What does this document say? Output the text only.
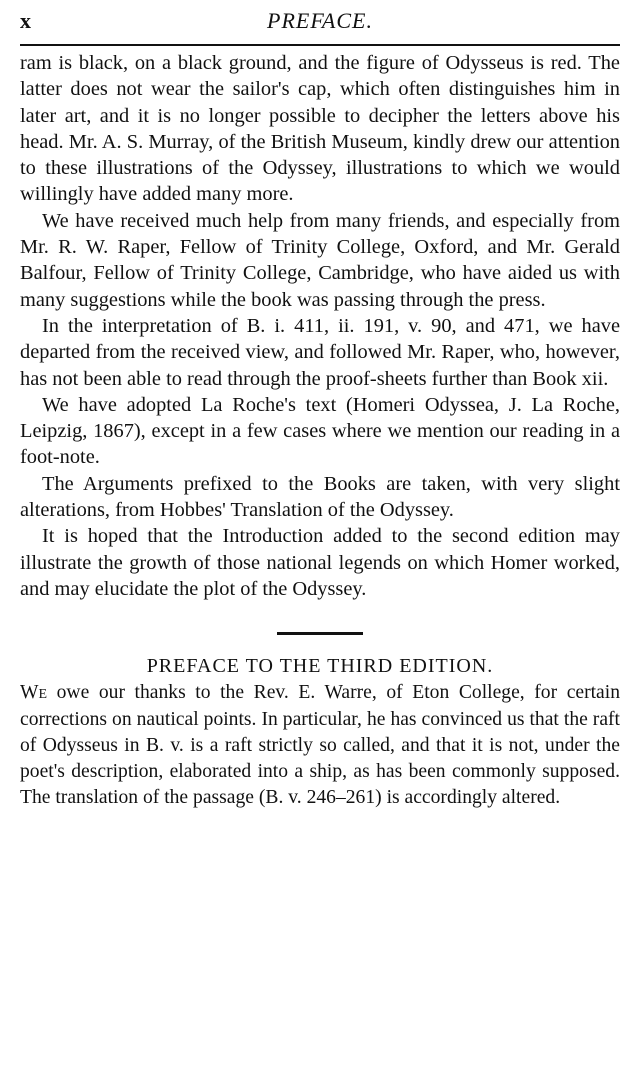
x	PREFACE.

ram is black, on a black ground, and the figure of Odysseus is red. The latter does not wear the sailor's cap, which often distinguishes him in later art, and it is no longer possible to decipher the letters above his head. Mr. A. S. Murray, of the British Museum, kindly drew our attention to these illustrations of the Odyssey, illustrations to which we would willingly have added many more.

We have received much help from many friends, and especially from Mr. R. W. Raper, Fellow of Trinity College, Oxford, and Mr. Gerald Balfour, Fellow of Trinity College, Cambridge, who have aided us with many suggestions while the book was passing through the press.

In the interpretation of B. i. 411, ii. 191, v. 90, and 471, we have departed from the received view, and followed Mr. Raper, who, however, has not been able to read through the proof-sheets further than Book xii.

We have adopted La Roche's text (Homeri Odyssea, J. La Roche, Leipzig, 1867), except in a few cases where we mention our reading in a foot-note.

The Arguments prefixed to the Books are taken, with very slight alterations, from Hobbes' Translation of the Odyssey.

It is hoped that the Introduction added to the second edition may illustrate the growth of those national legends on which Homer worked, and may elucidate the plot of the Odyssey.

PREFACE TO THE THIRD EDITION.

We owe our thanks to the Rev. E. Warre, of Eton College, for certain corrections on nautical points. In particular, he has convinced us that the raft of Odysseus in B. v. is a raft strictly so called, and that it is not, under the poet's description, elaborated into a ship, as has been commonly supposed. The translation of the passage (B. v. 246–261) is accordingly altered.
